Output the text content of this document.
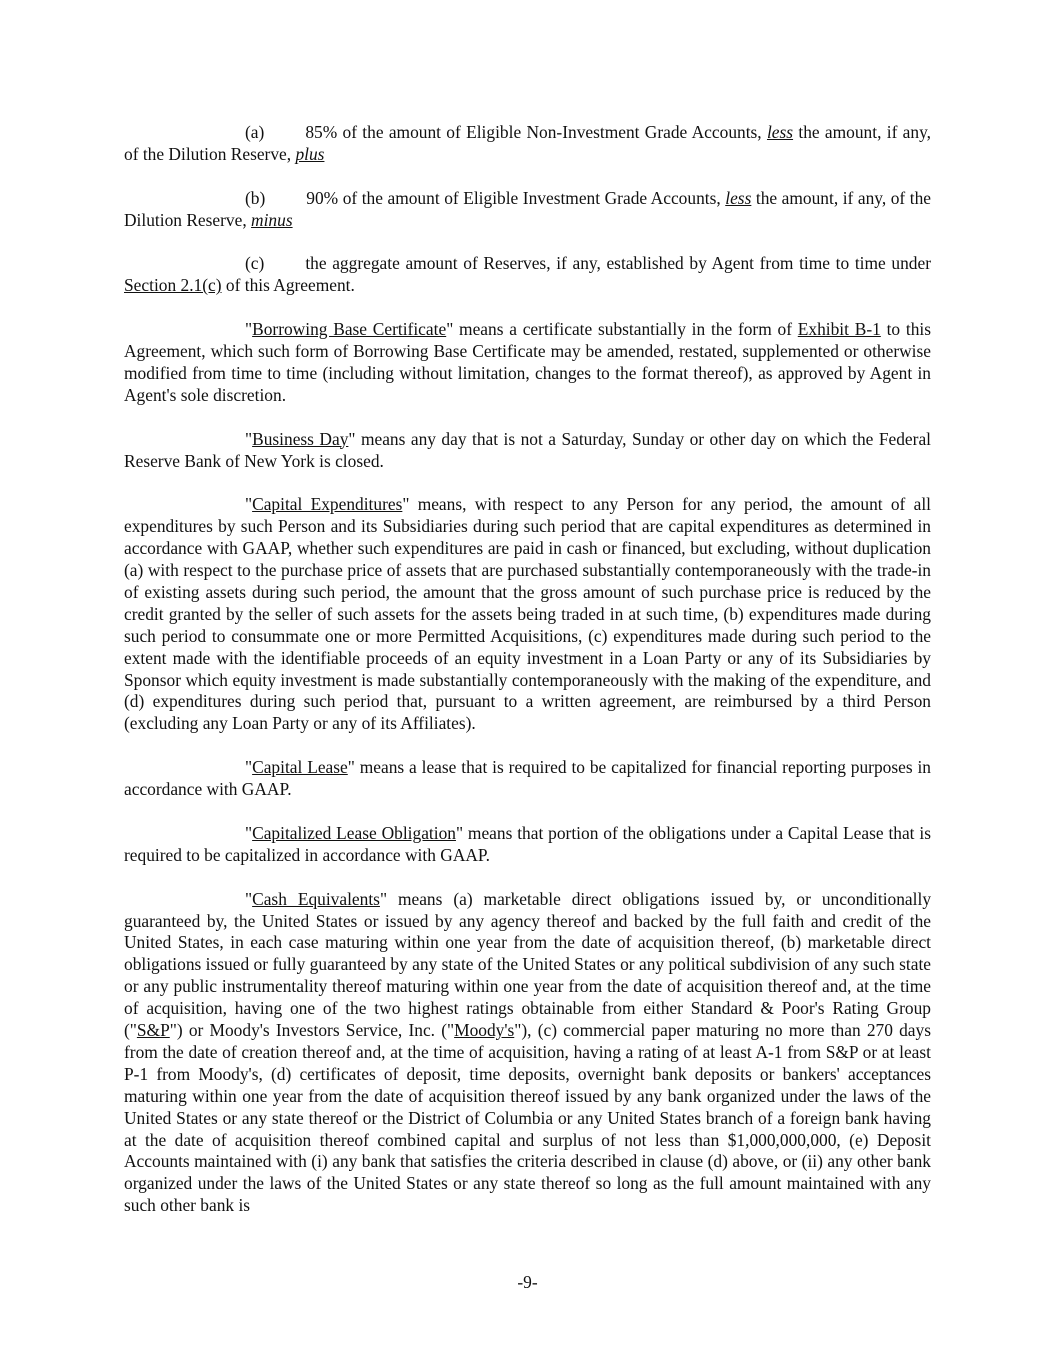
(a) 85% of the amount of Eligible Non-Investment Grade Accounts, less the amount, if any, of the Dilution Reserve, plus

(b) 90% of the amount of Eligible Investment Grade Accounts, less the amount, if any, of the Dilution Reserve, minus

(c) the aggregate amount of Reserves, if any, established by Agent from time to time under Section 2.1(c) of this Agreement.

"Borrowing Base Certificate" means a certificate substantially in the form of Exhibit B-1 to this Agreement, which such form of Borrowing Base Certificate may be amended, restated, supplemented or otherwise modified from time to time (including without limitation, changes to the format thereof), as approved by Agent in Agent's sole discretion.

"Business Day" means any day that is not a Saturday, Sunday or other day on which the Federal Reserve Bank of New York is closed.

"Capital Expenditures" means, with respect to any Person for any period, the amount of all expenditures by such Person and its Subsidiaries during such period that are capital expenditures as determined in accordance with GAAP, whether such expenditures are paid in cash or financed, but excluding, without duplication (a) with respect to the purchase price of assets that are purchased substantially contemporaneously with the trade-in of existing assets during such period, the amount that the gross amount of such purchase price is reduced by the credit granted by the seller of such assets for the assets being traded in at such time, (b) expenditures made during such period to consummate one or more Permitted Acquisitions, (c) expenditures made during such period to the extent made with the identifiable proceeds of an equity investment in a Loan Party or any of its Subsidiaries by Sponsor which equity investment is made substantially contemporaneously with the making of the expenditure, and (d) expenditures during such period that, pursuant to a written agreement, are reimbursed by a third Person (excluding any Loan Party or any of its Affiliates).

"Capital Lease" means a lease that is required to be capitalized for financial reporting purposes in accordance with GAAP.

"Capitalized Lease Obligation" means that portion of the obligations under a Capital Lease that is required to be capitalized in accordance with GAAP.

"Cash Equivalents" means (a) marketable direct obligations issued by, or unconditionally guaranteed by, the United States or issued by any agency thereof and backed by the full faith and credit of the United States, in each case maturing within one year from the date of acquisition thereof, (b) marketable direct obligations issued or fully guaranteed by any state of the United States or any political subdivision of any such state or any public instrumentality thereof maturing within one year from the date of acquisition thereof and, at the time of acquisition, having one of the two highest ratings obtainable from either Standard & Poor's Rating Group ("S&P") or Moody's Investors Service, Inc. ("Moody's"), (c) commercial paper maturing no more than 270 days from the date of creation thereof and, at the time of acquisition, having a rating of at least A-1 from S&P or at least P-1 from Moody's, (d) certificates of deposit, time deposits, overnight bank deposits or bankers' acceptances maturing within one year from the date of acquisition thereof issued by any bank organized under the laws of the United States or any state thereof or the District of Columbia or any United States branch of a foreign bank having at the date of acquisition thereof combined capital and surplus of not less than $1,000,000,000, (e) Deposit Accounts maintained with (i) any bank that satisfies the criteria described in clause (d) above, or (ii) any other bank organized under the laws of the United States or any state thereof so long as the full amount maintained with any such other bank is

-9-
